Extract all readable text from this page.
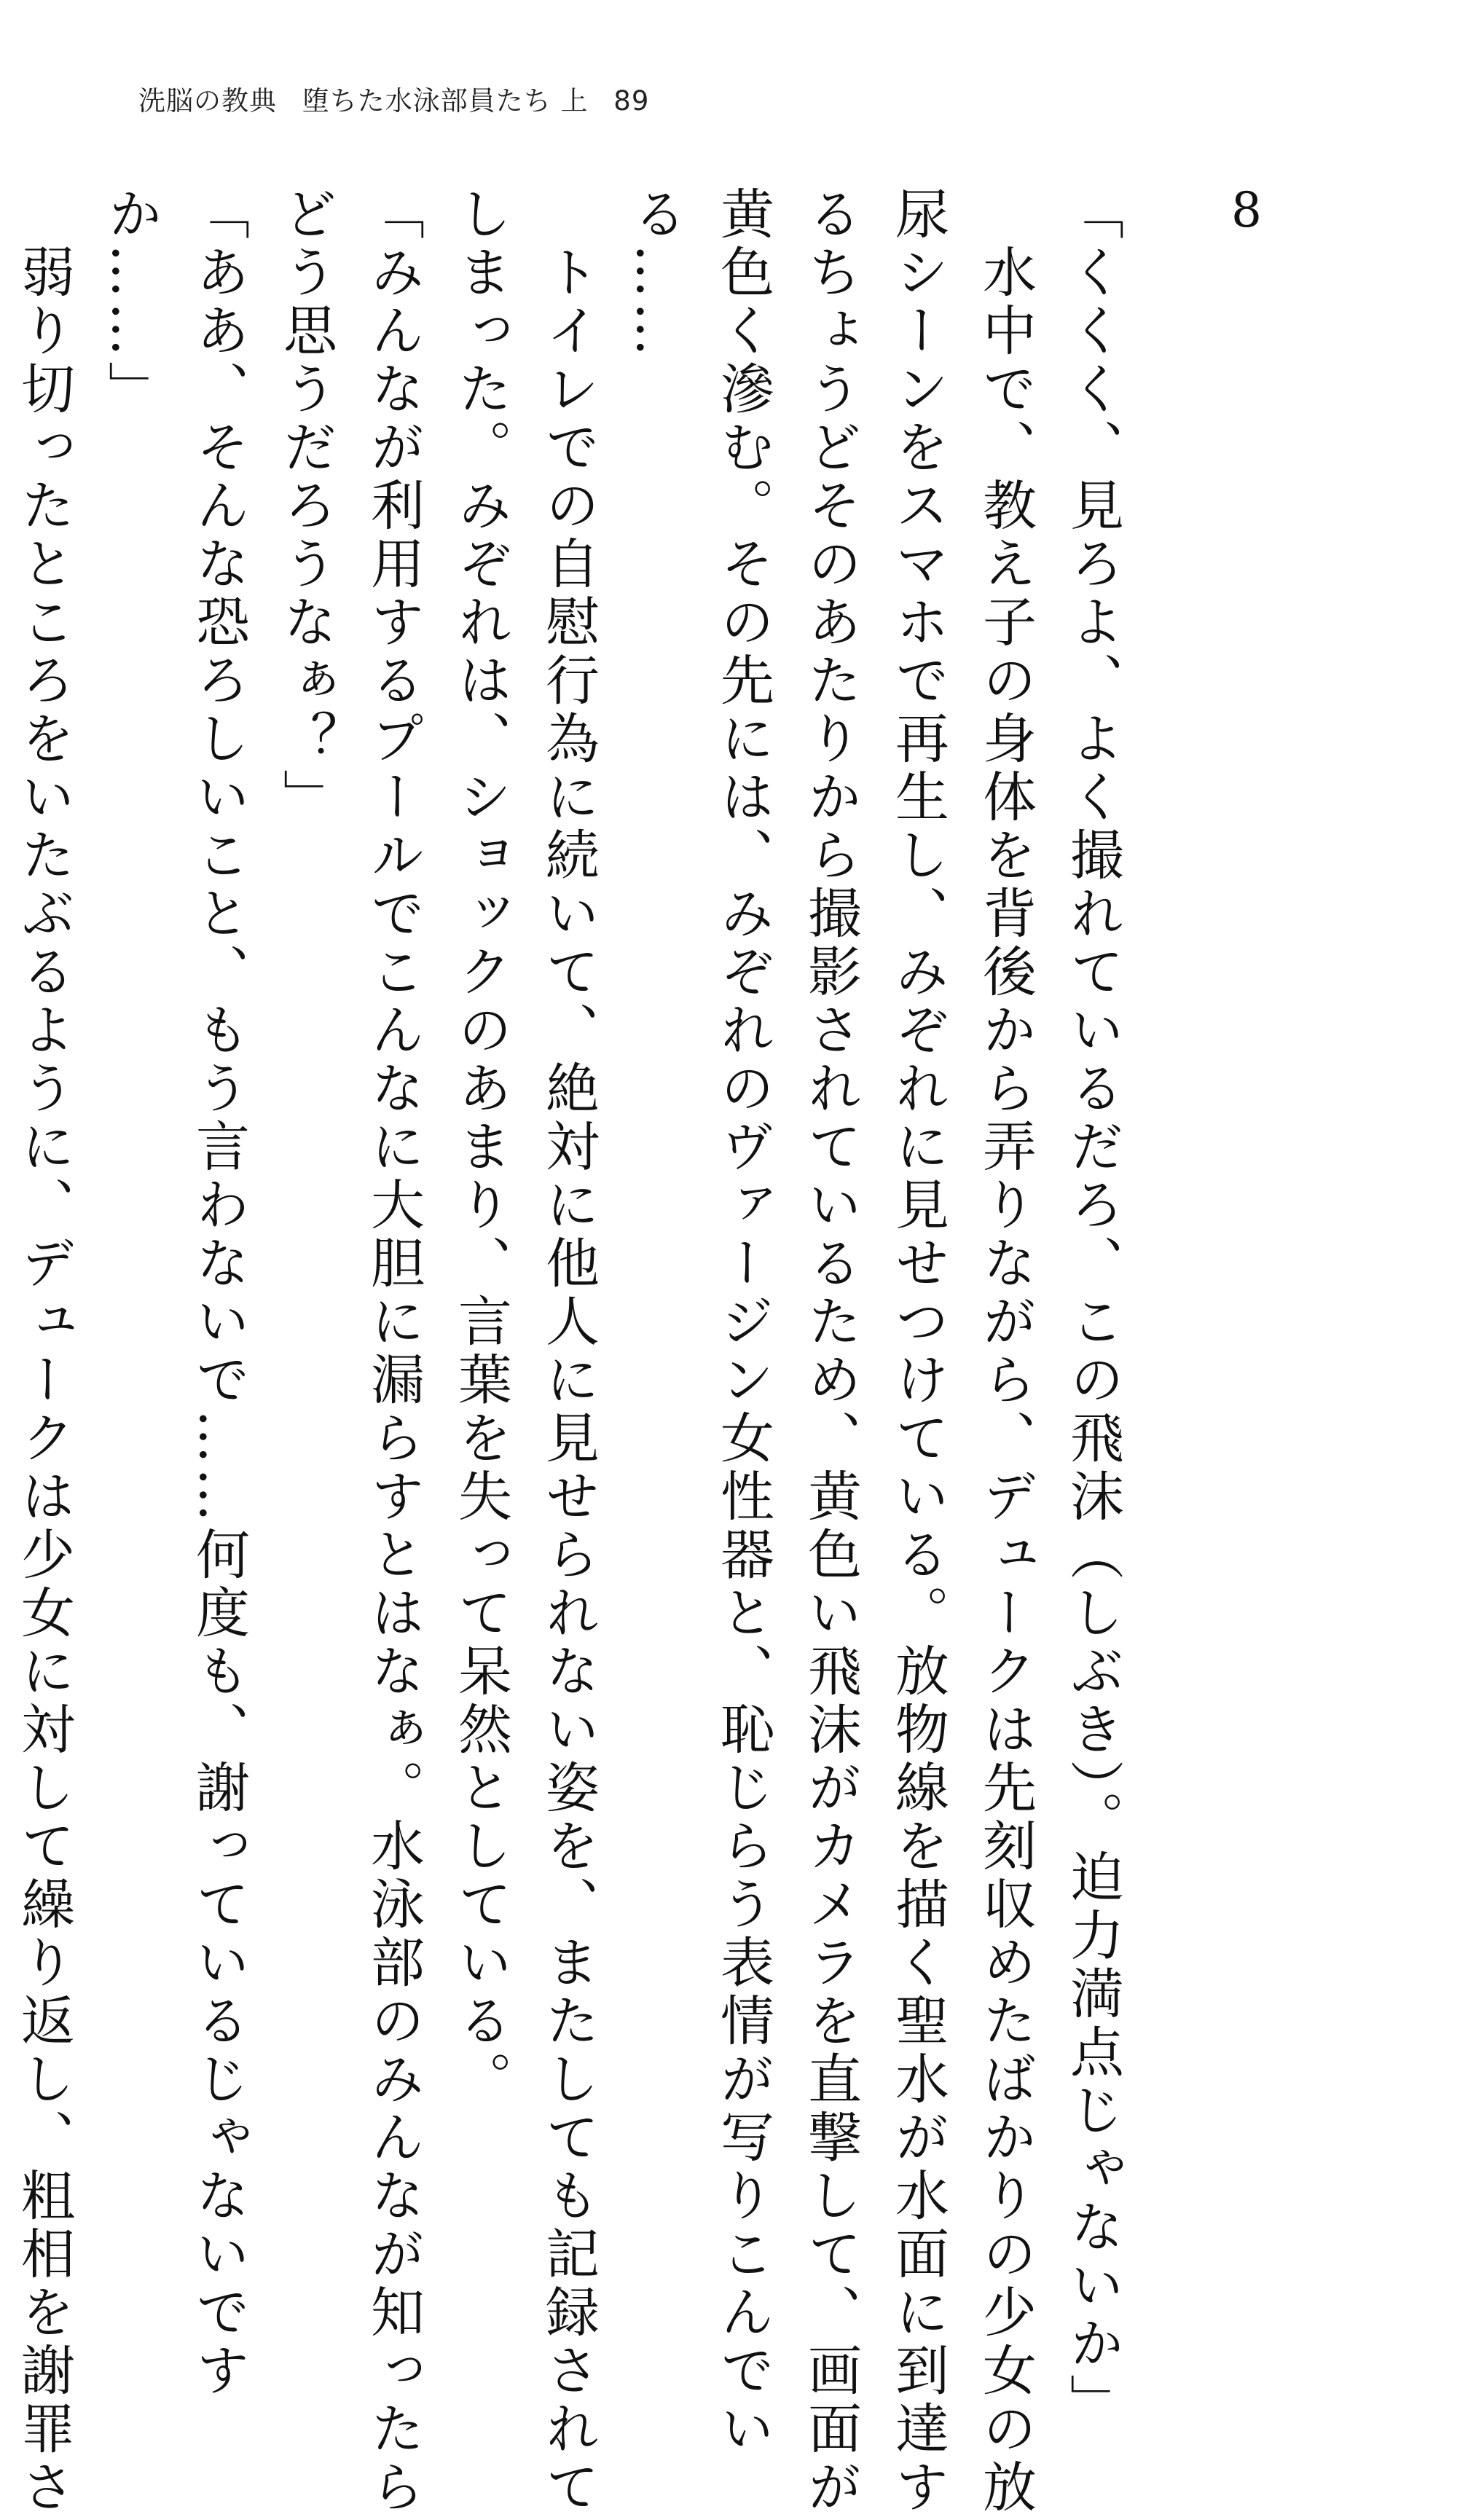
洗脳の教典 堕ちた水泳部員たち 上 89
8
「くくく、見ろよ、よく撮れているだろ、この飛沫（しぶき）。迫力満点じゃないか」
　水中で、教え子の身体を背後から弄りながら、デュークは先刻収めたばかりの少女の放
尿シーンをスマホで再生し、みぞれに見せつけている。放物線を描く聖水が水面に到達す
るちょうどそのあたりから撮影されているため、黄色い飛沫がカメラを直撃して、画面が
黄色く滲む。その先には、みぞれのヴァージン女性器と、恥じらう表情が写りこんでい
る……
　トイレでの自慰行為に続いて、絶対に他人に見せられない姿を、またしても記録されて
しまった。みぞれは、ショックのあまり、言葉を失って呆然としている。
「みんなが利用するプールでこんなに大胆に漏らすとはなぁ。水泳部のみんなが知ったら
どう思うだろうなぁ？」
「ああ、そんな恐ろしいこと、もう言わないで……何度も、謝っているじゃないです
か……」
　弱り切ったところをいたぶるように、デュークは少女に対して繰り返し、粗相を謝罪さ
